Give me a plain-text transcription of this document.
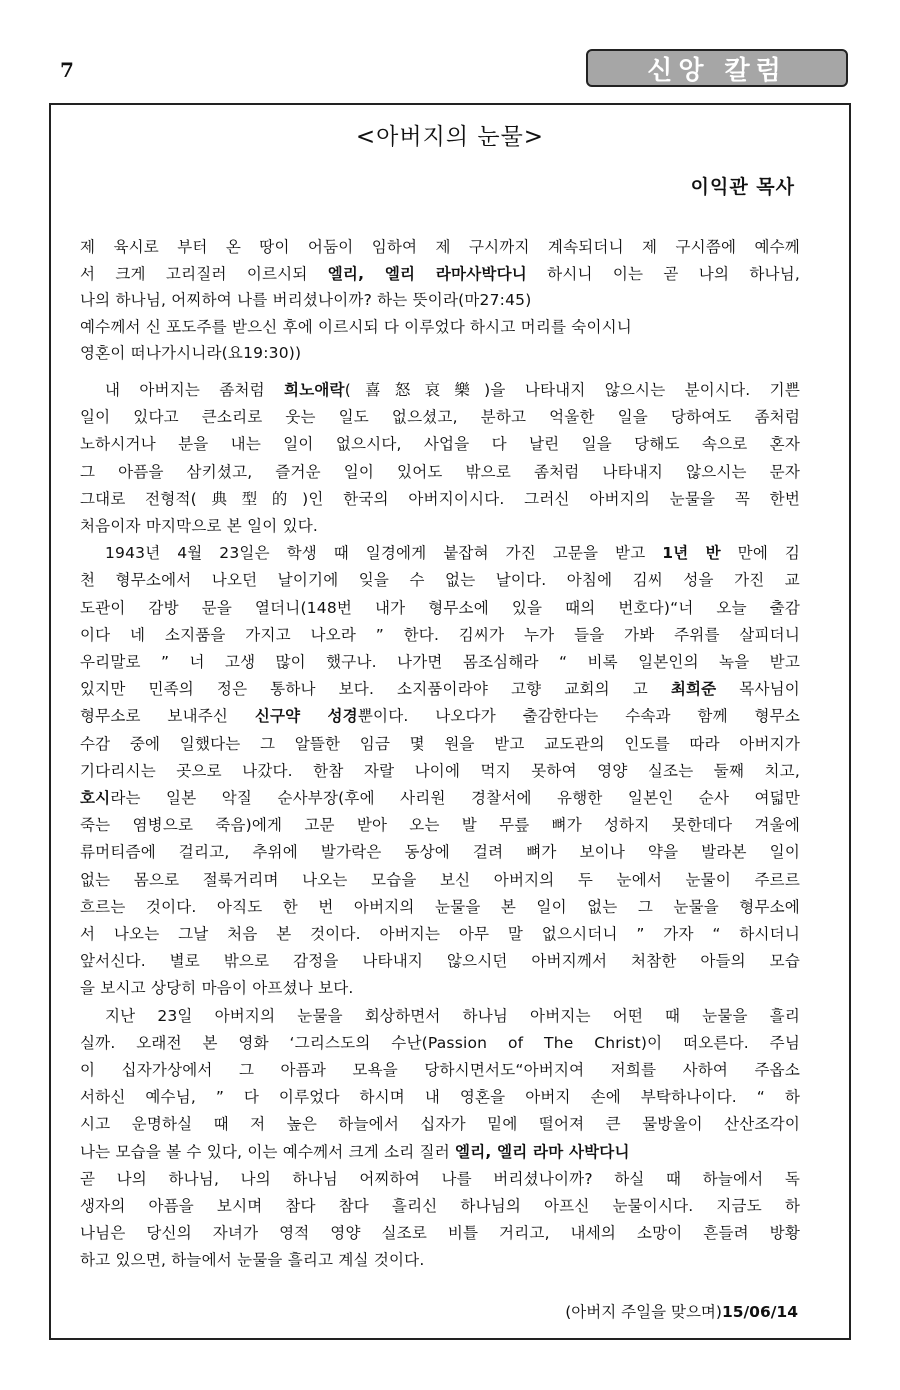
7	신앙 칼럼
<아버지의 눈물>
이익관 목사
제 육시로 부터 온 땅이 어둠이 임하여 제 구시까지 계속되더니 제 구시쯤에 예수께
서 크게 고리질러 이르시되 엘리, 엘리 라마사박다니 하시니 이는 곧 나의 하나님,
나의 하나님, 어찌하여 나를 버리셨나이까? 하는 뜻이라(마27:45)
예수께서 신 포도주를 받으신 후에 이르시되 다 이루었다 하시고 머리를 숙이시니
영혼이 떠나가시니라(요19:30))
내 아버지는 좀처럼 희노애락(喜怒哀樂)을 나타내지 않으시는 분이시다. 기쁜
일이 있다고 큰소리로 웃는 일도 없으셨고, 분하고 억울한 일을 당하여도 좀처럼
노하시거나 분을 내는 일이 없으시다, 사업을 다 날린 일을 당해도 속으로 혼자
그 아픔을 삼키셨고, 즐거운 일이 있어도 밖으로 좀처럼 나타내지 않으시는 문자
그대로 전형적(典型的)인 한국의 아버지이시다. 그러신 아버지의 눈물을 꼭 한번
처음이자 마지막으로 본 일이 있다.
1943년 4월 23일은 학생 때 일경에게 붙잡혀 가진 고문을 받고 1년 반 만에 김
천 형무소에서 나오던 날이기에 잊을 수 없는 날이다. 아침에 김씨 성을 가진 교
도관이 감방 문을 열더니(148번 내가 형무소에 있을 때의 번호다)“너 오늘 출감
이다 네 소지품을 가지고 나오라 ” 한다. 김씨가 누가 들을 가봐 주위를 살피더니
우리말로 ” 너 고생 많이 했구나. 나가면 몸조심해라 “ 비록 일본인의 녹을 받고
있지만 민족의 정은 통하나 보다. 소지품이라야 고향 교회의 고 최희준 목사님이
형무소로 보내주신 신구약 성경뿐이다. 나오다가 출감한다는 수속과 함께 형무소
수감 중에 일했다는 그 알뜰한 임금 몇 원을 받고 교도관의 인도를 따라 아버지가
기다리시는 곳으로 나갔다. 한참 자랄 나이에 먹지 못하여 영양 실조는 둘째 치고,
호시라는 일본 악질 순사부장(후에 사리원 경찰서에 유행한 일본인 순사 여덟만
죽는 염병으로 죽음)에게 고문 받아 오는 발 무릎 뼈가 성하지 못한데다 겨울에
류머티즘에 걸리고, 추위에 발가락은 동상에 걸려 뼈가 보이나 약을 발라본 일이
없는 몸으로 절룩거리며 나오는 모습을 보신 아버지의 두 눈에서 눈물이 주르르
흐르는 것이다. 아직도 한 번 아버지의 눈물을 본 일이 없는 그 눈물을 형무소에
서 나오는 그날 처음 본 것이다. 아버지는 아무 말 없으시더니 ” 가자 “ 하시더니
앞서신다. 별로 밖으로 감정을 나타내지 않으시던 아버지께서 처참한 아들의 모습
을 보시고 상당히 마음이 아프셨나 보다.
지난 23일 아버지의 눈물을 회상하면서 하나님 아버지는 어떤 때 눈물을 흘리
실까. 오래전 본 영화 ‘그리스도의 수난(Passion of The Christ)이 떠오른다. 주님
이 십자가상에서 그 아픔과 모욕을 당하시면서도“아버지여 저희를 사하여 주옵소
서하신 예수님, ” 다 이루었다 하시며 내 영혼을 아버지 손에 부탁하나이다. “ 하
시고 운명하실 때 저 높은 하늘에서 십자가 밑에 떨어져 큰 물방울이 산산조각이
나는 모습을 볼 수 있다, 이는 예수께서 크게 소리 질러 엘리, 엘리 라마 사박다니
곧 나의 하나님, 나의 하나님 어찌하여 나를 버리셨나이까? 하실 때 하늘에서 독
생자의 아픔을 보시며 참다 참다 흘리신 하나님의 아프신 눈물이시다. 지금도 하
나님은 당신의 자녀가 영적 영양 실조로 비틀 거리고, 내세의 소망이 흔들려 방황
하고 있으면, 하늘에서 눈물을 흘리고 계실 것이다.
(아버지 주일을 맞으며)15/06/14
